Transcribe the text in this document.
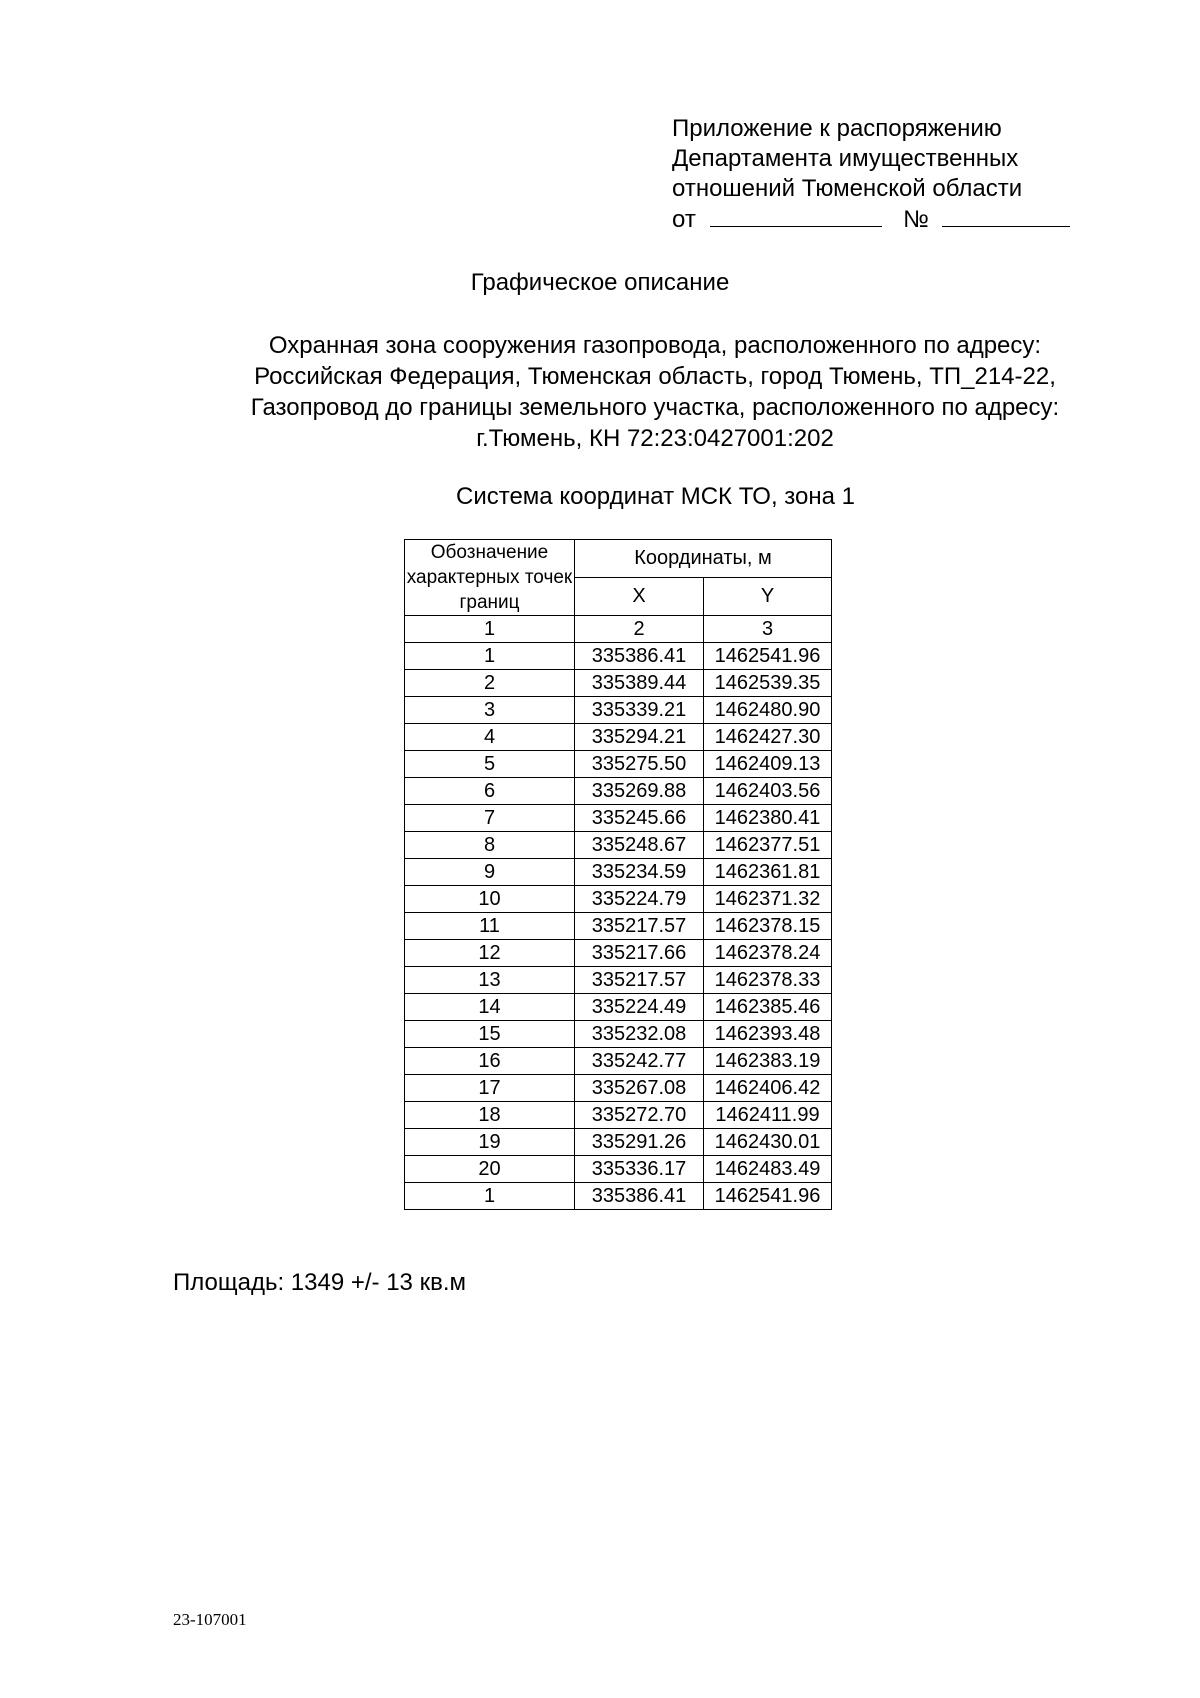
Приложение к распоряжению
Департамента имущественных
отношений Тюменской области
от	№
Графическое описание
Охранная зона сооружения газопровода, расположенного по адресу:
Российская Федерация, Тюменская область, город Тюмень, ТП_214-22,
Газопровод до границы земельного участка, расположенного по адресу:
г.Тюмень, КН 72:23:0427001:202
Система координат МСК ТО, зона 1
Обозначение характерных точек границ	Координаты, м	
	X	Y
1	2	3
1	335386.41	1462541.96
2	335389.44	1462539.35
3	335339.21	1462480.90
4	335294.21	1462427.30
5	335275.50	1462409.13
6	335269.88	1462403.56
7	335245.66	1462380.41
8	335248.67	1462377.51
9	335234.59	1462361.81
10	335224.79	1462371.32
11	335217.57	1462378.15
12	335217.66	1462378.24
13	335217.57	1462378.33
14	335224.49	1462385.46
15	335232.08	1462393.48
16	335242.77	1462383.19
17	335267.08	1462406.42
18	335272.70	1462411.99
19	335291.26	1462430.01
20	335336.17	1462483.49
1	335386.41	1462541.96
Площадь: 1349 +/- 13 кв.м
23-107001
